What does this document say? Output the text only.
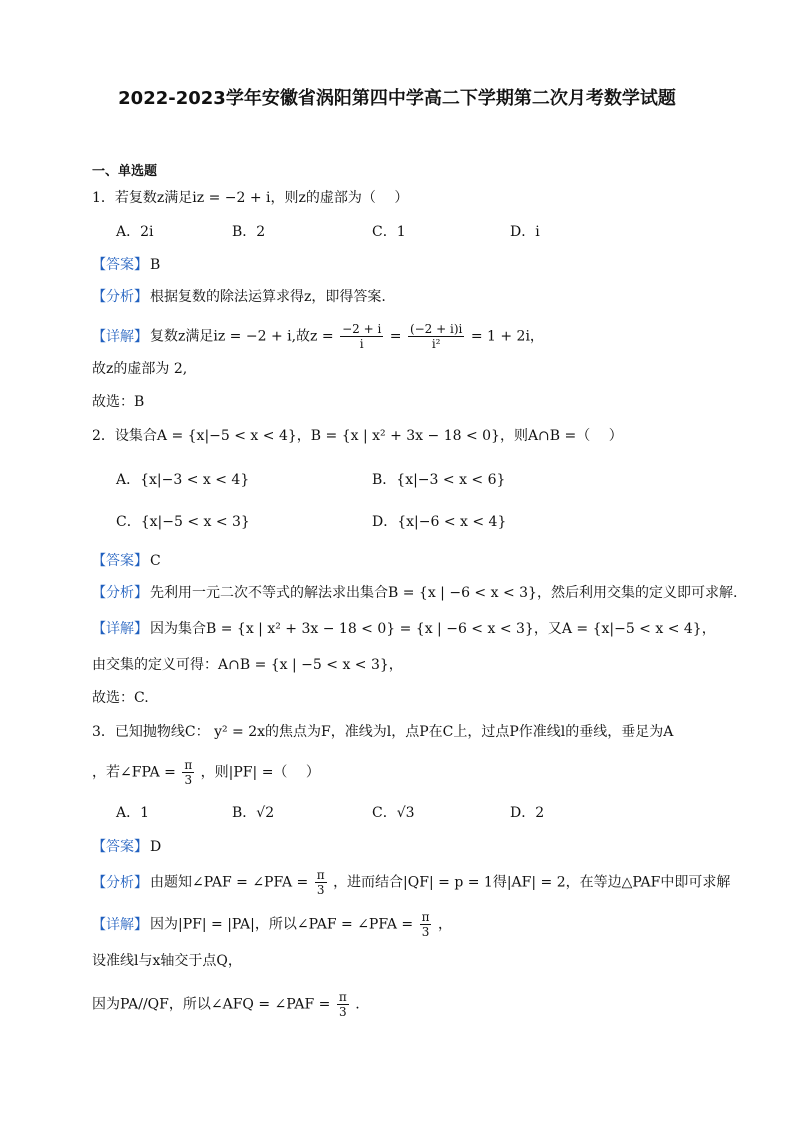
2022-2023学年安徽省涡阳第四中学高二下学期第二次月考数学试题
一、单选题
1．若复数z满足iz = −2 + i，则z的虚部为（　 ）
A．2i	B．2	C．1	D．i
【答案】 B
【分析】 根据复数的除法运算求得z，即得答案.
【详解】 复数z满足iz = −2 + i,故$z = \frac{-2 + i}{i} = \frac{(-2 + i)i}{\text{i²}} = 1 + 2i$，
故z的虚部为 2,
故选：B
2．设集合A = {x|−5 < x < 4}，B = {x | x² + 3x − 18 < 0}，则A∩B =（　 ）
A．{x|−3 < x < 4}	B．{x|−3 < x < 6}
C．{x|−5 < x < 3}	D．{x|−6 < x < 4}
【答案】 C
【分析】 先利用一元二次不等式的解法求出集合B = {x | −6 < x < 3}，然后利用交集的定义即可求解.
【详解】 因为集合B = {x | x² + 3x − 18 < 0} = {x | −6 < x < 3}，又A = {x|−5 < x < 4}，
由交集的定义可得：A∩B = {x | −5 < x < 3}，
故选：C.
3．已知抛物线C： y² = 2x的焦点为F，准线为l，点P在C上，过点P作准线l的垂线，垂足为A
，若∠FPA = $\frac{\pi}{3}$ ，则|PF| =（　 ）
A．1	B．√2	C．√3	D．2
【答案】 D
【分析】 由题知∠PAF = ∠PFA = $\frac{\pi}{3}$ ，进而结合|QF| = p = 1得|AF| = 2，在等边△PAF中即可求解
【详解】 因为|PF| = |PA|，所以∠PAF = ∠PFA = $\frac{\pi}{3}$ ，
设准线l与x轴交于点Q，
因为PA//QF，所以∠AFQ = ∠PAF = $\frac{\pi}{3}$ .
